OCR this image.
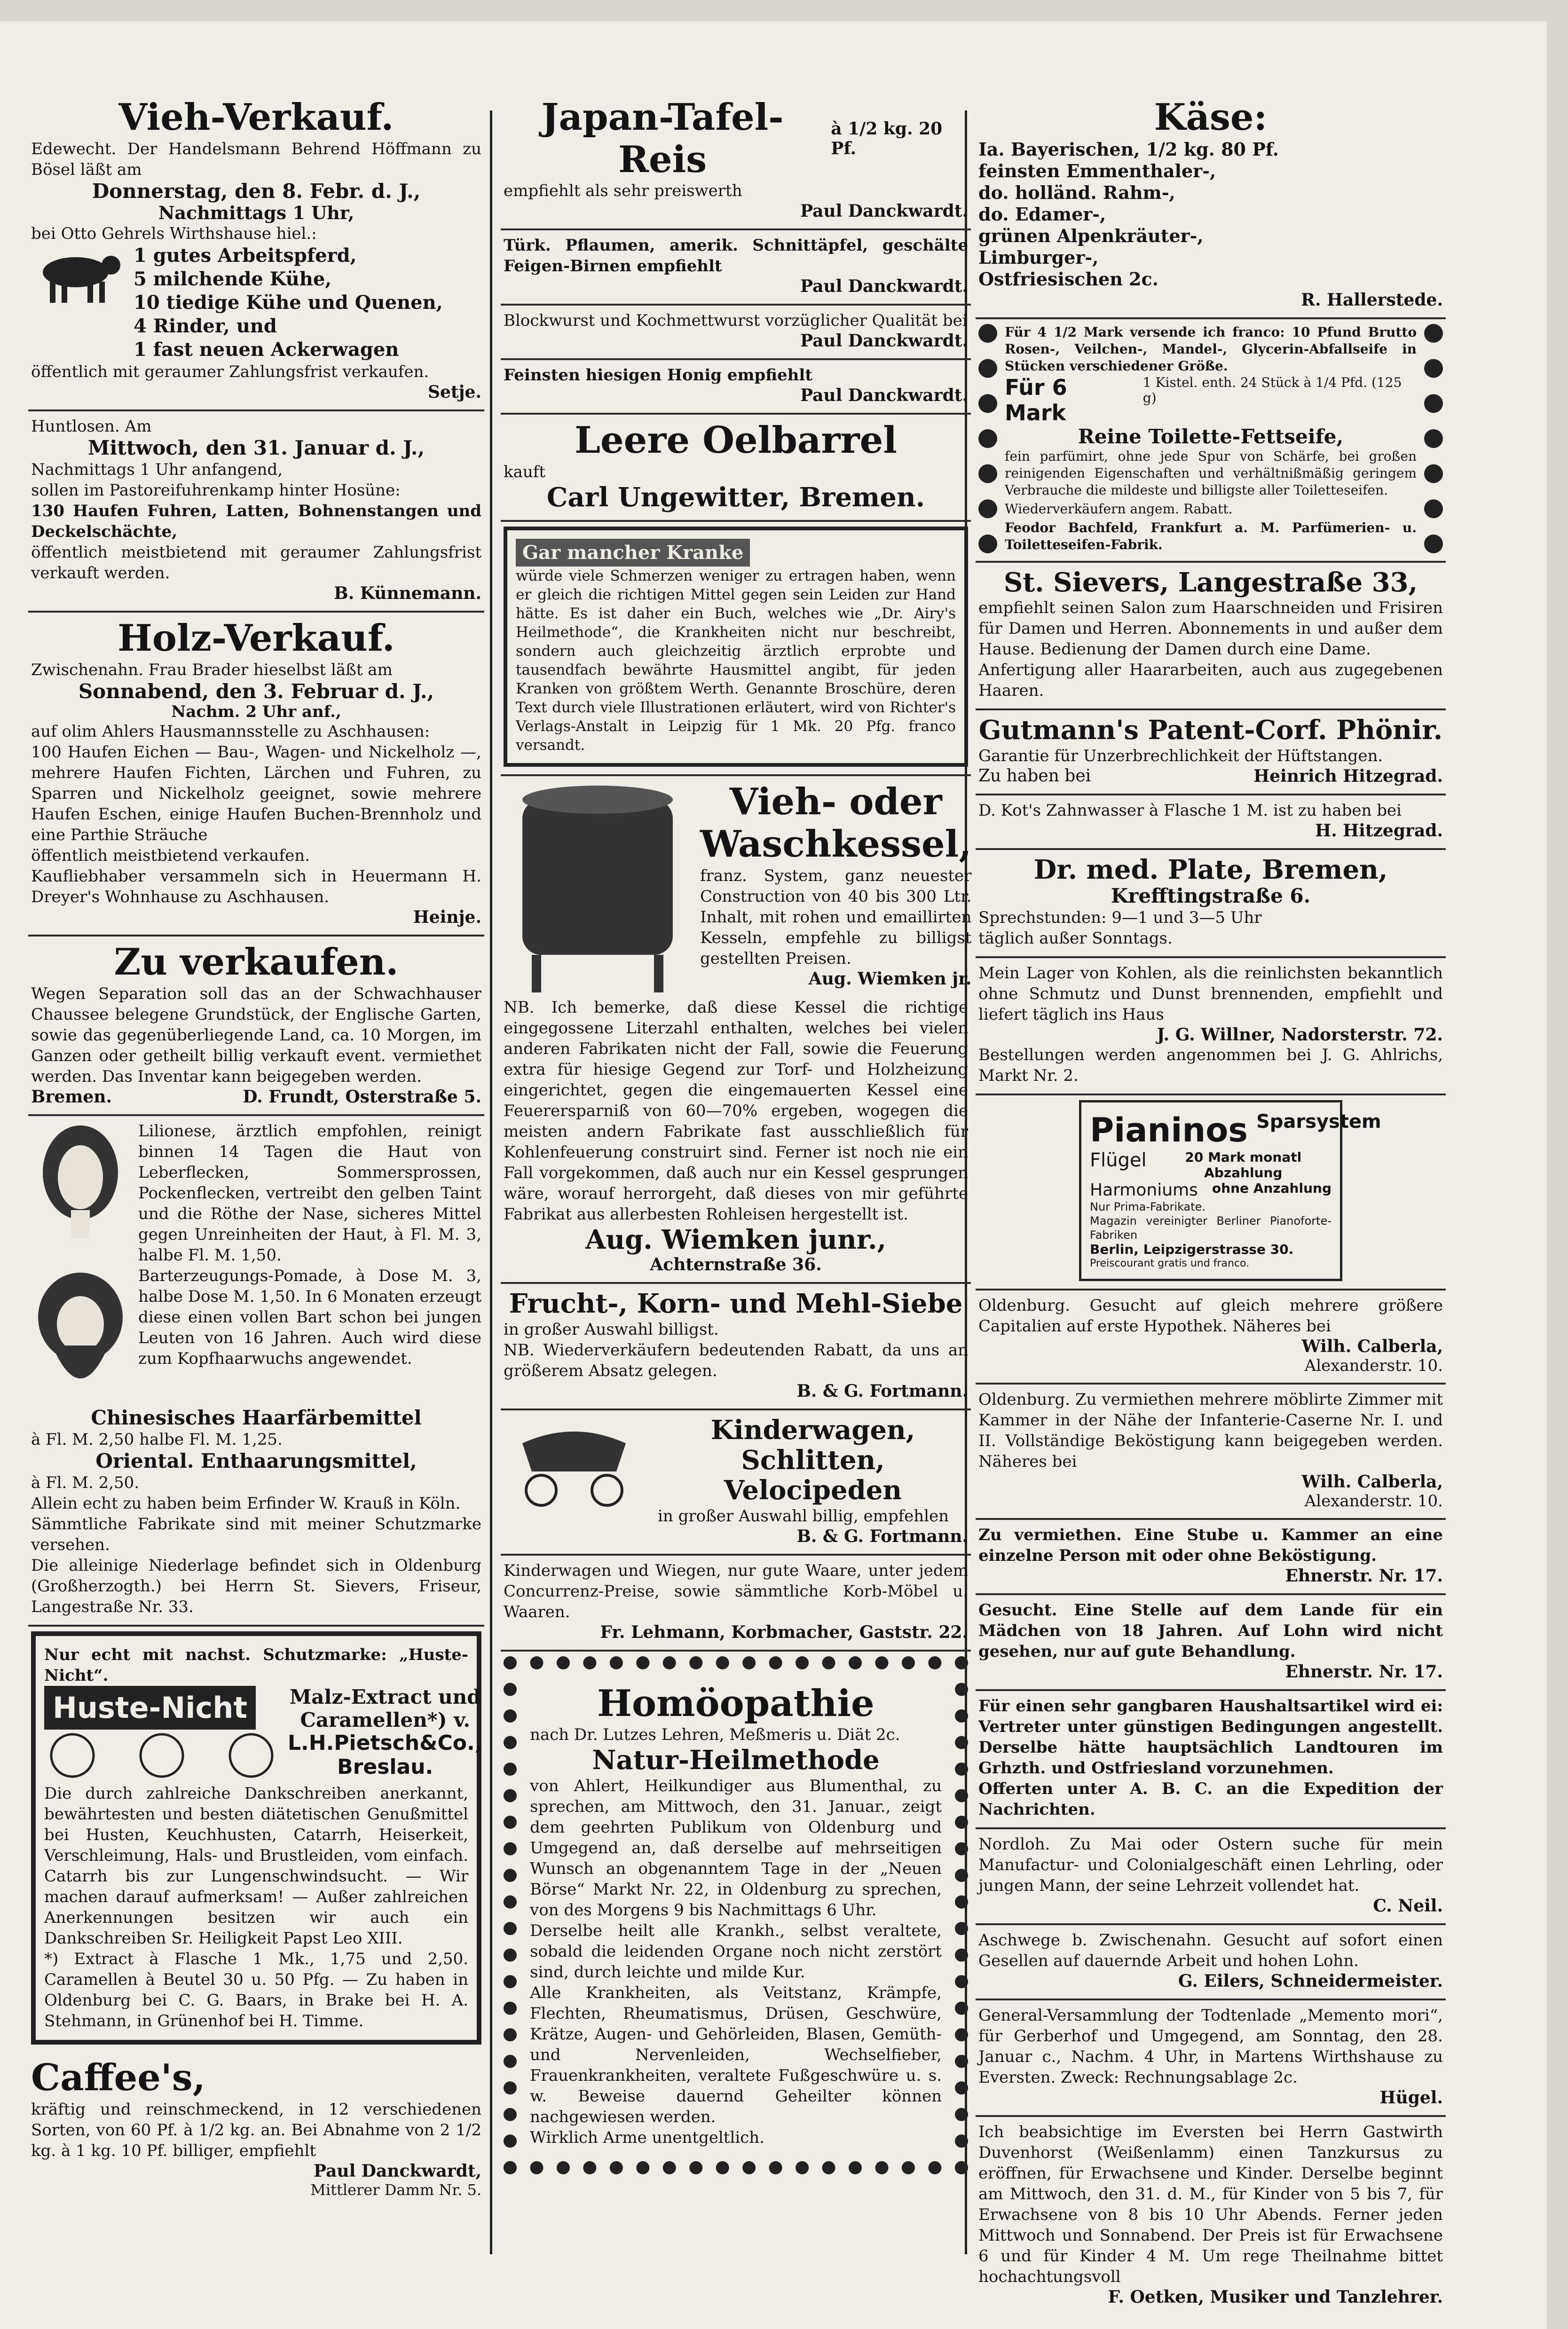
Vieh-Verkauf.

Edewecht. Der Handelsmann Behrend Höffmann zu Bösel läßt am

Donnerstag, den 8. Febr. d. J.,
Nachmittags 1 Uhr,

bei Otto Gehrels Wirthshause hiel.:

1 gutes Arbeitspferd,
5 milchende Kühe,
10 tiedige Kühe und Quenen,
4 Rinder, und
1 fast neuen Ackerwagen

öffentlich mit geraumer Zahlungsfrist verkaufen.

Setje.

Huntlosen. Am

Mittwoch, den 31. Januar d. J.,

Nachmittags 1 Uhr anfangend,

sollen im Pastoreifuhrenkamp hinter Hosüne:

130 Haufen Fuhren, Latten, Bohnenstangen und Deckelschächte,

öffentlich meistbietend mit geraumer Zahlungsfrist verkauft werden.

B. Künnemann.
Holz-Verkauf.

Zwischenahn. Frau Brader hieselbst läßt am

Sonnabend, den 3. Februar d. J.,
Nachm. 2 Uhr anf.,

auf olim Ahlers Hausmannsstelle zu Aschhausen:

100 Haufen Eichen — Bau-, Wagen- und Nickelholz —, mehrere Haufen Fichten, Lärchen und Fuhren, zu Sparren und Nickelholz geeignet, sowie mehrere Haufen Eschen, einige Haufen Buchen-Brennholz und eine Parthie Sträuche

öffentlich meistbietend verkaufen.

Kaufliebhaber versammeln sich in Heuermann H. Dreyer's Wohnhause zu Aschhausen.

Heinje.
Zu verkaufen.

Wegen Separation soll das an der Schwachhauser Chaussee belegene Grundstück, der Englische Garten, sowie das gegenüberliegende Land, ca. 10 Morgen, im Ganzen oder getheilt billig verkauft event. vermiethet werden. Das Inventar kann beigegeben werden.

Bremen.	D. Frundt, Osterstraße 5.

Lilionese, ärztlich empfohlen, reinigt binnen 14 Tagen die Haut von Leberflecken, Sommersprossen, Pockenflecken, vertreibt den gelben Taint und die Röthe der Nase, sicheres Mittel gegen Unreinheiten der Haut, à Fl. M. 3, halbe Fl. M. 1,50.

Barterzeugungs-Pomade, à Dose M. 3, halbe Dose M. 1,50. In 6 Monaten erzeugt diese einen vollen Bart schon bei jungen Leuten von 16 Jahren. Auch wird diese zum Kopfhaarwuchs angewendet.

Chinesisches Haarfärbemittel

à Fl. M. 2,50 halbe Fl. M. 1,25.

Oriental. Enthaarungsmittel,

à Fl. M. 2,50.

Allein echt zu haben beim Erfinder W. Krauß in Köln.

Sämmtliche Fabrikate sind mit meiner Schutzmarke versehen.

Die alleinige Niederlage befindet sich in Oldenburg (Großherzogth.) bei Herrn St. Sievers, Friseur, Langestraße Nr. 33.

Nur echt mit nachst. Schutzmarke: „Huste-Nicht“.

Huste-Nicht	Malz-Extract und Caramellen*) v.
L.H.Pietsch&Co., Breslau.

Die durch zahlreiche Dankschreiben anerkannt, bewährtesten und besten diätetischen Genußmittel bei Husten, Keuchhusten, Catarrh, Heiserkeit, Verschleimung, Hals- und Brustleiden, vom einfach. Catarrh bis zur Lungenschwindsucht. — Wir machen darauf aufmerksam! — Außer zahlreichen Anerkennungen besitzen wir auch ein Dankschreiben Sr. Heiligkeit Papst Leo XIII.

*) Extract à Flasche 1 Mk., 1,75 und 2,50. Caramellen à Beutel 30 u. 50 Pfg. — Zu haben in Oldenburg bei C. G. Baars, in Brake bei H. A. Stehmann, in Grünenhof bei H. Timme.

Caffee's,

kräftig und reinschmeckend, in 12 verschiedenen Sorten, von 60 Pf. à 1/2 kg. an. Bei Abnahme von 2 1/2 kg. à 1 kg. 10 Pf. billiger, empfiehlt

Paul Danckwardt,
Mittlerer Damm Nr. 5.
Japan-Tafel-Reis
à 1/2 kg. 20 Pf.

empfiehlt als sehr preiswerth

Paul Danckwardt.

Türk. Pflaumen, amerik. Schnittäpfel, geschälte Feigen-Birnen empfiehlt

Paul Danckwardt.

Blockwurst und Kochmettwurst vorzüglicher Qualität bei

Paul Danckwardt.

Feinsten hiesigen Honig empfiehlt

Paul Danckwardt.
Leere Oelbarrel

kauft

Carl Ungewitter, Bremen.
Gar mancher Kranke

würde viele Schmerzen weniger zu ertragen haben, wenn er gleich die richtigen Mittel gegen sein Leiden zur Hand hätte. Es ist daher ein Buch, welches wie „Dr. Airy's Heilmethode“, die Krankheiten nicht nur beschreibt, sondern auch gleichzeitig ärztlich erprobte und tausendfach bewährte Hausmittel angibt, für jeden Kranken von größtem Werth. Genannte Broschüre, deren Text durch viele Illustrationen erläutert, wird von Richter's Verlags-Anstalt in Leipzig für 1 Mk. 20 Pfg. franco versandt.

Vieh- oder
Waschkessel,

franz. System, ganz neuester Construction von 40 bis 300 Ltr. Inhalt, mit rohen und emaillirten Kesseln, empfehle zu billigst gestellten Preisen.

Aug. Wiemken jr.

NB. Ich bemerke, daß diese Kessel die richtige eingegossene Literzahl enthalten, welches bei vielen anderen Fabrikaten nicht der Fall, sowie die Feuerung extra für hiesige Gegend zur Torf- und Holzheizung eingerichtet, gegen die eingemauerten Kessel eine Feuerersparniß von 60—70% ergeben, wogegen die meisten andern Fabrikate fast ausschließlich für Kohlenfeuerung construirt sind. Ferner ist noch nie ein Fall vorgekommen, daß auch nur ein Kessel gesprungen wäre, worauf herrorgeht, daß dieses von mir geführte Fabrikat aus allerbesten Rohleisen hergestellt ist.

Aug. Wiemken junr.,
Achternstraße 36.
Frucht-, Korn- und Mehl-Siebe

in großer Auswahl billigst.

NB. Wiederverkäufern bedeutenden Rabatt, da uns an größerem Absatz gelegen.

B. & G. Fortmann.
Kinderwagen, Schlitten, Velocipeden

in großer Auswahl billig, empfehlen

B. & G. Fortmann.

Kinderwagen und Wiegen, nur gute Waare, unter jedem Concurrenz-Preise, sowie sämmtliche Korb-Möbel u. Waaren.

Fr. Lehmann, Korbmacher, Gaststr. 22.
Homöopathie

nach Dr. Lutzes Lehren, Meßmeris u. Diät 2c.

Natur-Heilmethode

von Ahlert, Heilkundiger aus Blumenthal, zu sprechen, am Mittwoch, den 31. Januar., zeigt dem geehrten Publikum von Oldenburg und Umgegend an, daß derselbe auf mehrseitigen Wunsch an obgenanntem Tage in der „Neuen Börse“ Markt Nr. 22, in Oldenburg zu sprechen, von des Morgens 9 bis Nachmittags 6 Uhr.

Derselbe heilt alle Krankh., selbst veraltete, sobald die leidenden Organe noch nicht zerstört sind, durch leichte und milde Kur.

Alle Krankheiten, als Veitstanz, Krämpfe, Flechten, Rheumatismus, Drüsen, Geschwüre, Krätze, Augen- und Gehörleiden, Blasen, Gemüth- und Nervenleiden, Wechselfieber, Frauenkrankheiten, veraltete Fußgeschwüre u. s. w. Beweise dauernd Geheilter können nachgewiesen werden.

Wirklich Arme unentgeltlich.

Käse:
Ia. Bayerischen, 1/2 kg. 80 Pf.
feinsten Emmenthaler-,
do. holländ. Rahm-,
do. Edamer-,
grünen Alpenkräuter-,
Limburger-,
Ostfriesischen 2c.
R. Hallerstede.

Für 4 1/2 Mark versende ich franco: 10 Pfund Brutto Rosen-, Veilchen-, Mandel-, Glycerin-Abfallseife in Stücken verschiedener Größe.

Für 6 Mark
1 Kistel. enth. 24 Stück à 1/4 Pfd. (125 g)
Reine Toilette-Fettseife,

fein parfümirt, ohne jede Spur von Schärfe, bei großen reinigenden Eigenschaften und verhältnißmäßig geringem Verbrauche die mildeste und billigste aller Toiletteseifen.

Wiederverkäufern angem. Rabatt.

Feodor Bachfeld, Frankfurt a. M. Parfümerien- u. Toiletteseifen-Fabrik.

St. Sievers, Langestraße 33,

empfiehlt seinen Salon zum Haarschneiden und Frisiren für Damen und Herren. Abonnements in und außer dem Hause. Bedienung der Damen durch eine Dame.

Anfertigung aller Haararbeiten, auch aus zugegebenen Haaren.

Gutmann's Patent-Corf. Phönir.

Garantie für Unzerbrechlichkeit der Hüftstangen.

Zu haben bei	Heinrich Hitzegrad.

D. Kot's Zahnwasser à Flasche 1 M. ist zu haben bei

H. Hitzegrad.
Dr. med. Plate, Bremen,
Krefftingstraße 6.

Sprechstunden: 9—1 und 3—5 Uhr

täglich außer Sonntags.

Mein Lager von Kohlen, als die reinlichsten bekanntlich ohne Schmutz und Dunst brennenden, empfiehlt und liefert täglich ins Haus

J. G. Willner, Nadorsterstr. 72.

Bestellungen werden angenommen bei J. G. Ahlrichs, Markt Nr. 2.

Pianinos Sparsystem
Flügel	20 Mark monatl Abzahlung
Harmoniums ohne Anzahlung

Nur Prima-Fabrikate.

Magazin vereinigter Berliner Pianoforte-Fabriken

Berlin, Leipzigerstrasse 30.

Preiscourant gratis und franco.

Oldenburg. Gesucht auf gleich mehrere größere Capitalien auf erste Hypothek. Näheres bei

Wilh. Calberla,
Alexanderstr. 10.

Oldenburg. Zu vermiethen mehrere möblirte Zimmer mit Kammer in der Nähe der Infanterie-Caserne Nr. I. und II. Vollständige Beköstigung kann beigegeben werden. Näheres bei

Wilh. Calberla,
Alexanderstr. 10.

Zu vermiethen. Eine Stube u. Kammer an eine einzelne Person mit oder ohne Beköstigung.

Ehnerstr. Nr. 17.

Gesucht. Eine Stelle auf dem Lande für ein Mädchen von 18 Jahren. Auf Lohn wird nicht gesehen, nur auf gute Behandlung.

Ehnerstr. Nr. 17.

Für einen sehr gangbaren Haushaltsartikel wird ei: Vertreter unter günstigen Bedingungen angestellt. Derselbe hätte hauptsächlich Landtouren im Grhzth. und Ostfriesland vorzunehmen.

Offerten unter A. B. C. an die Expedition der Nachrichten.

Nordloh. Zu Mai oder Ostern suche für mein Manufactur- und Colonialgeschäft einen Lehrling, oder jungen Mann, der seine Lehrzeit vollendet hat.

C. Neil.

Aschwege b. Zwischenahn. Gesucht auf sofort einen Gesellen auf dauernde Arbeit und hohen Lohn.

G. Eilers, Schneidermeister.

General-Versammlung der Todtenlade „Memento mori“, für Gerberhof und Umgegend, am Sonntag, den 28. Januar c., Nachm. 4 Uhr, in Martens Wirthshause zu Eversten. Zweck: Rechnungsablage 2c.

Hügel.

Ich beabsichtige im Eversten bei Herrn Gastwirth Duvenhorst (Weißenlamm) einen Tanzkursus zu eröffnen, für Erwachsene und Kinder. Derselbe beginnt am Mittwoch, den 31. d. M., für Kinder von 5 bis 7, für Erwachsene von 8 bis 10 Uhr Abends. Ferner jeden Mittwoch und Sonnabend. Der Preis ist für Erwachsene 6 und für Kinder 4 M. Um rege Theilnahme bittet hochachtungsvoll

F. Oetken, Musiker und Tanzlehrer.
